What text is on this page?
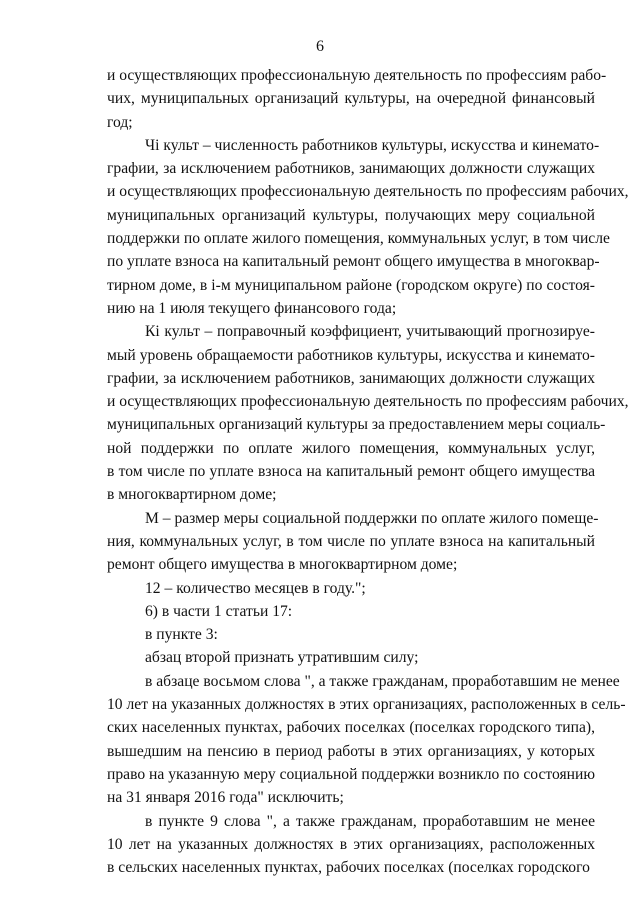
6
и осуществляющих профессиональную деятельность по профессиям рабо-
чих, муниципальных организаций культуры, на очередной финансовый
год;
Чi культ – численность работников культуры, искусства и кинемато-
графии, за исключением работников, занимающих должности служащих
и осуществляющих профессиональную деятельность по профессиям рабочих,
муниципальных организаций культуры, получающих меру социальной
поддержки по оплате жилого помещения, коммунальных услуг, в том числе
по уплате взноса на капитальный ремонт общего имущества в многоквар-
тирном доме, в i-м муниципальном районе (городском округе) по состоя-
нию на 1 июля текущего финансового года;
Кi культ – поправочный коэффициент, учитывающий прогнозируе-
мый уровень обращаемости работников культуры, искусства и кинемато-
графии, за исключением работников, занимающих должности служащих
и осуществляющих профессиональную деятельность по профессиям рабочих,
муниципальных организаций культуры за предоставлением меры социаль-
ной поддержки по оплате жилого помещения, коммунальных услуг,
в том числе по уплате взноса на капитальный ремонт общего имущества
в многоквартирном доме;
М – размер меры социальной поддержки по оплате жилого помеще-
ния, коммунальных услуг, в том числе по уплате взноса на капитальный
ремонт общего имущества в многоквартирном доме;
12 – количество месяцев в году.";
6) в части 1 статьи 17:
в пункте 3:
абзац второй признать утратившим силу;
в абзаце восьмом слова ", а также гражданам, проработавшим не менее
10 лет на указанных должностях в этих организациях, расположенных в сель-
ских населенных пунктах, рабочих поселках (поселках городского типа),
вышедшим на пенсию в период работы в этих организациях, у которых
право на указанную меру социальной поддержки возникло по состоянию
на 31 января 2016 года" исключить;
в пункте 9 слова ", а также гражданам, проработавшим не менее
10 лет на указанных должностях в этих организациях, расположенных
в сельских населенных пунктах, рабочих поселках (поселках городского
